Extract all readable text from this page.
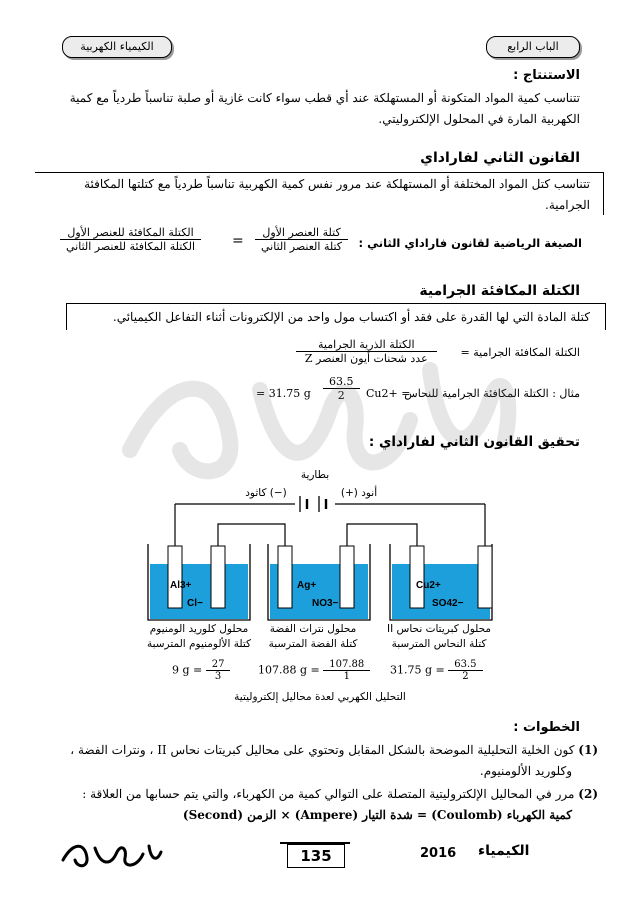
الكيمياء الكهربية	الباب الرابع
الاستنتاج :
تتناسب كمية المواد المتكونة أو المستهلكة عند أي قطب سواء كانت غازية أو صلبة تناسباً طردياً مع كمية
الكهربية المارة في المحلول الإلكتروليتي.
القانون الثاني لفاراداي
تتناسب كتل المواد المختلفة أو المستهلكة عند مرور نفس كمية الكهربية تناسباً طردياً مع كتلتها المكافئة
الجرامية.
الصيغة الرياضية لقانون فاراداي الثاني :
$\frac{\text{كتلة العنصر الأول}}{\text{كتلة العنصر الثاني}}$
=
$\frac{\text{الكتلة المكافئة للعنصر الأول}}{\text{الكتلة المكافئة للعنصر الثاني}}$
الكتلة المكافئة الجرامية
كتلة المادة التي لها القدرة على فقد أو اكتساب مول واحد من الإلكترونات أثناء التفاعل الكيميائي.
الكتلة المكافئة الجرامية =
$\frac{\text{الكتلة الذرية الجرامية}}{\text{عدد شحنات أيون العنصر Z}}$
مثال : الكتلة المكافئة الجرامية للنحاس
Cu2+ =
$\frac{63.5}{2}$
= 31.75 g
تحقيق القانون الثاني لفاراداي :
بطارية
أنود (+)
(−) كاثود
Al3+
Cl−
Ag+
NO3−
Cu2+
SO42−
محلول كبريتات نحاس II
كتلة النحاس المترسبة
محلول نترات الفضة
كتلة الفضة المترسبة
محلول كلوريد الومنيوم
كتلة الألومنيوم المترسبة
31.75 $g = \frac{63.5}{2}$
107.88 $g = \frac{107.88}{1}$
9 $g = \frac{27}{3}$
التحليل الكهربي لعدة محاليل إلكتروليتية
الخطوات :
(1) كون الخلية التحليلية الموضحة بالشكل المقابل وتحتوي على محاليل كبريتات نحاس II ، ونترات الفضة ،
وكلوريد الألومنيوم.
(2) مرر في المحاليل الإلكتروليتية المتصلة على التوالي كمية من الكهرباء، والتي يتم حسابها من العلاقة :
كمية الكهرباء (Coulomb) = شدة التيار (Ampere) × الزمن (Second)
135	2016 الكيمياء
